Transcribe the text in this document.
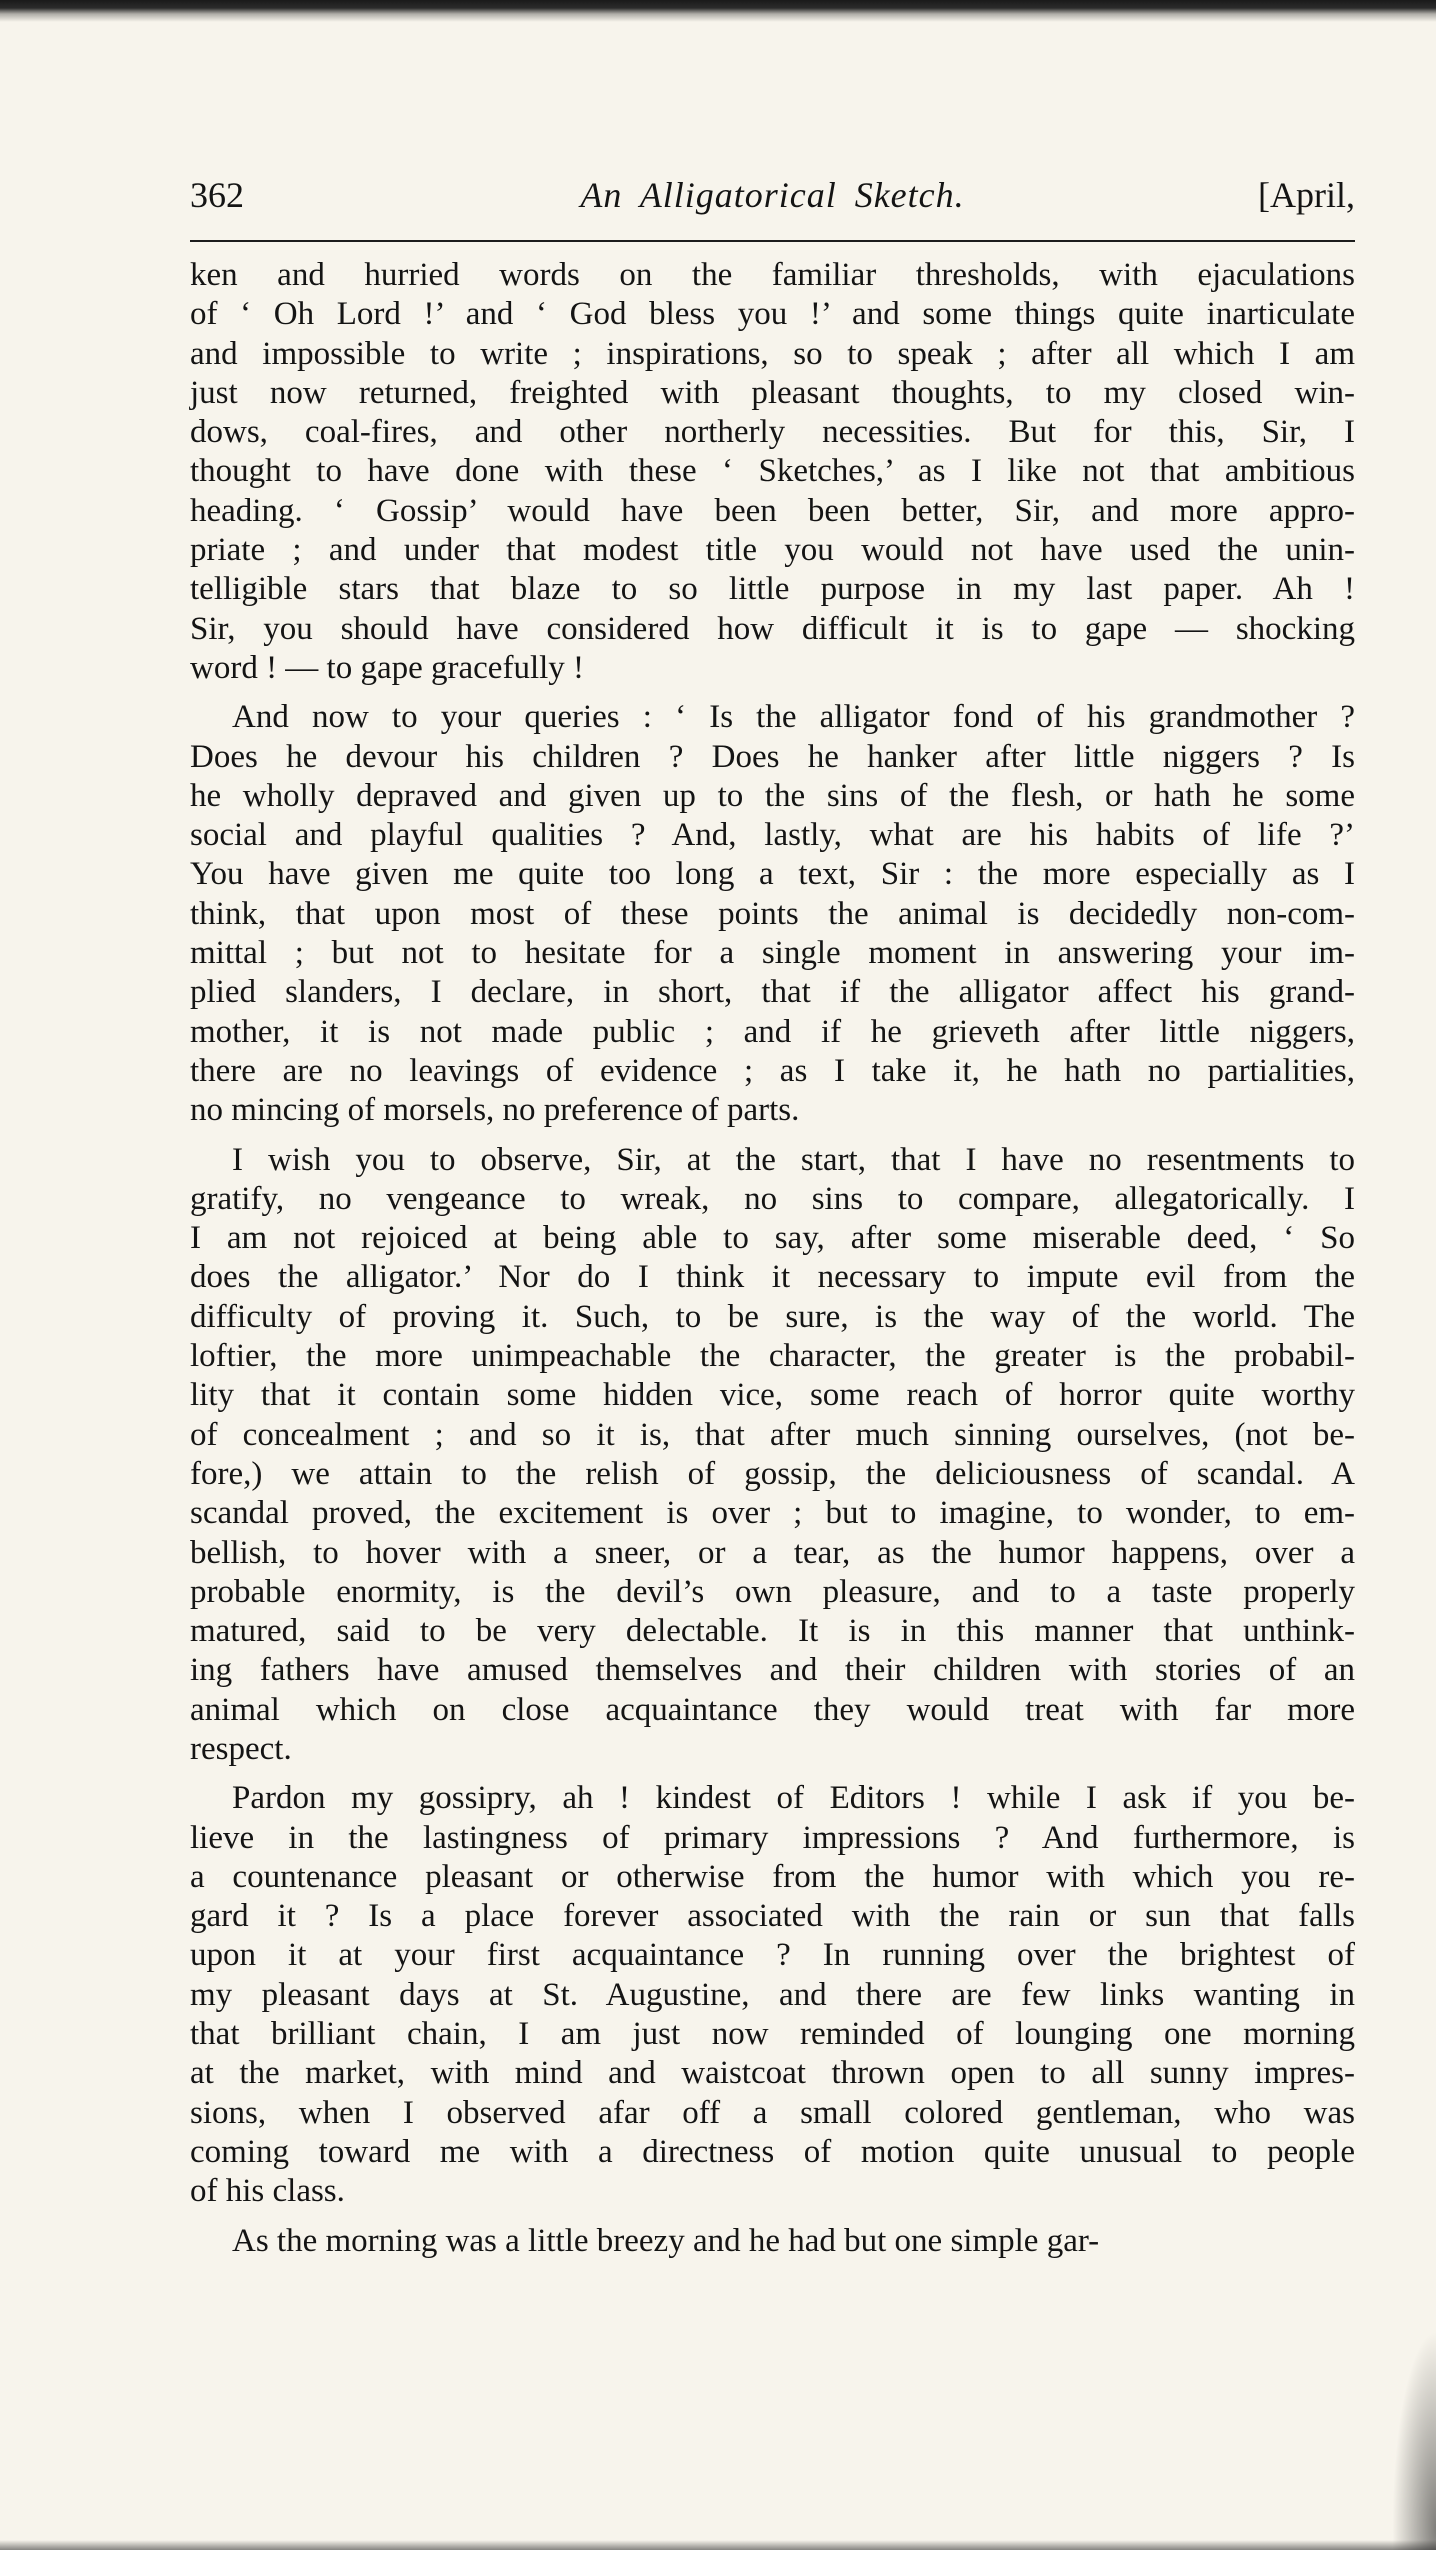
362	An Alligatorical Sketch.	[April,
ken and hurried words on the familiar thresholds, with ejaculations
of ‘ Oh Lord !’ and ‘ God bless you !’ and some things quite inarticulate
and impossible to write ; inspirations, so to speak ; after all which I am
just now returned, freighted with pleasant thoughts, to my closed win-
dows, coal-fires, and other northerly necessities. But for this, Sir, I
thought to have done with these ‘ Sketches,’ as I like not that ambitious
heading. ‘ Gossip’ would have been been better, Sir, and more appro-
priate ; and under that modest title you would not have used the unin-
telligible stars that blaze to so little purpose in my last paper. Ah !
Sir, you should have considered how difficult it is to gape — shocking
word ! — to gape gracefully !
And now to your queries : ‘ Is the alligator fond of his grandmother ?
Does he devour his children ? Does he hanker after little niggers ? Is
he wholly depraved and given up to the sins of the flesh, or hath he some
social and playful qualities ? And, lastly, what are his habits of life ?’
You have given me quite too long a text, Sir : the more especially as I
think, that upon most of these points the animal is decidedly non-com-
mittal ; but not to hesitate for a single moment in answering your im-
plied slanders, I declare, in short, that if the alligator affect his grand-
mother, it is not made public ; and if he grieveth after little niggers,
there are no leavings of evidence ; as I take it, he hath no partialities,
no mincing of morsels, no preference of parts.
I wish you to observe, Sir, at the start, that I have no resentments to
gratify, no vengeance to wreak, no sins to compare, allegatorically. I
I am not rejoiced at being able to say, after some miserable deed, ‘ So
does the alligator.’ Nor do I think it necessary to impute evil from the
difficulty of proving it. Such, to be sure, is the way of the world. The
loftier, the more unimpeachable the character, the greater is the probabil-
lity that it contain some hidden vice, some reach of horror quite worthy
of concealment ; and so it is, that after much sinning ourselves, (not be-
fore,) we attain to the relish of gossip, the deliciousness of scandal. A
scandal proved, the excitement is over ; but to imagine, to wonder, to em-
bellish, to hover with a sneer, or a tear, as the humor happens, over a
probable enormity, is the devil’s own pleasure, and to a taste properly
matured, said to be very delectable. It is in this manner that unthink-
ing fathers have amused themselves and their children with stories of an
animal which on close acquaintance they would treat with far more
respect.
Pardon my gossipry, ah ! kindest of Editors ! while I ask if you be-
lieve in the lastingness of primary impressions ? And furthermore, is
a countenance pleasant or otherwise from the humor with which you re-
gard it ? Is a place forever associated with the rain or sun that falls
upon it at your first acquaintance ? In running over the brightest of
my pleasant days at St. Augustine, and there are few links wanting in
that brilliant chain, I am just now reminded of lounging one morning
at the market, with mind and waistcoat thrown open to all sunny impres-
sions, when I observed afar off a small colored gentleman, who was
coming toward me with a directness of motion quite unusual to people
of his class.
As the morning was a little breezy and he had but one simple gar-
